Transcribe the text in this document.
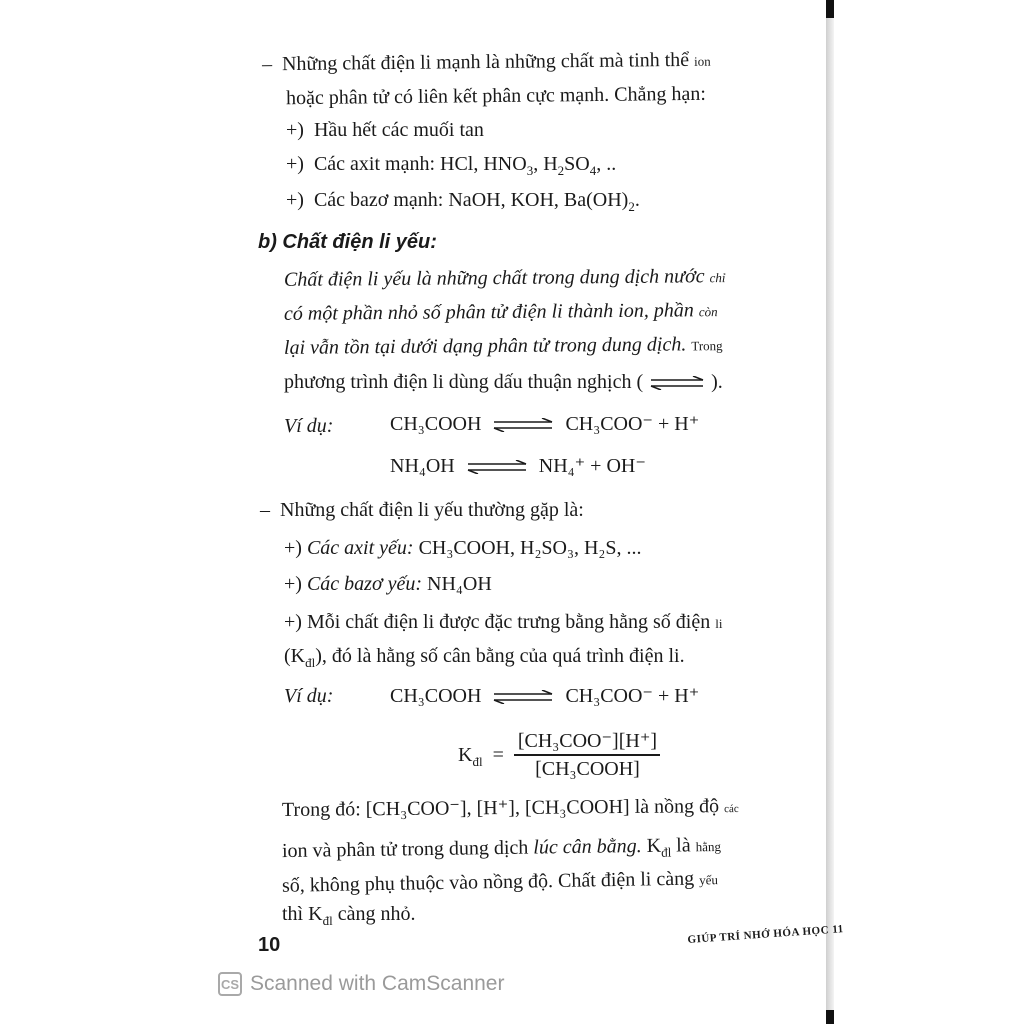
– Những chất điện li mạnh là những chất mà tinh thể ion
hoặc phân tử có liên kết phân cực mạnh. Chẳng hạn:
+) Hầu hết các muối tan
+) Các axit mạnh: HCl, $HNO_3$, $H_2SO_4$, ..
+) Các bazơ mạnh: NaOH, KOH, $Ba(OH)_2$.
b) Chất điện li yếu:
Chất điện li yếu là những chất trong dung dịch nước chỉ
có một phần nhỏ số phân tử điện li thành ion, phần còn
lại vẫn tồn tại dưới dạng phân tử trong dung dịch. Trong
phương trình điện li dùng dấu thuận nghịch ( ⇌ ).
Ví dụ:	CH₃COOH ⇌ CH₃COO⁻ + H⁺
NH₄OH ⇌ NH₄⁺ + OH⁻
– Những chất điện li yếu thường gặp là:
+) Các axit yếu: CH₃COOH, H₂SO₃, H₂S, ...
+) Các bazơ yếu: NH₄OH
+) Mỗi chất điện li được đặc trưng bằng hằng số điện li
$(K_{đl})$, đó là hằng số cân bằng của quá trình điện li.
Ví dụ:	CH₃COOH ⇌ CH₃COO⁻ + H⁺
$K_{đl} = \frac{\text{[CH₃COO⁻][H⁺]}}{\text{[CH₃COOH]}}$
Trong đó: [CH₃COO⁻], [H⁺], [CH₃COOH] là nồng độ các
ion và phân tử trong dung dịch lúc cân bằng. $K_{đl}$ là hằng
số, không phụ thuộc vào nồng độ. Chất điện li càng yếu
thì $K_{đl}$ càng nhỏ.
10	GIÚP TRÍ NHỚ HÓA HỌC 11
CS Scanned with CamScanner
